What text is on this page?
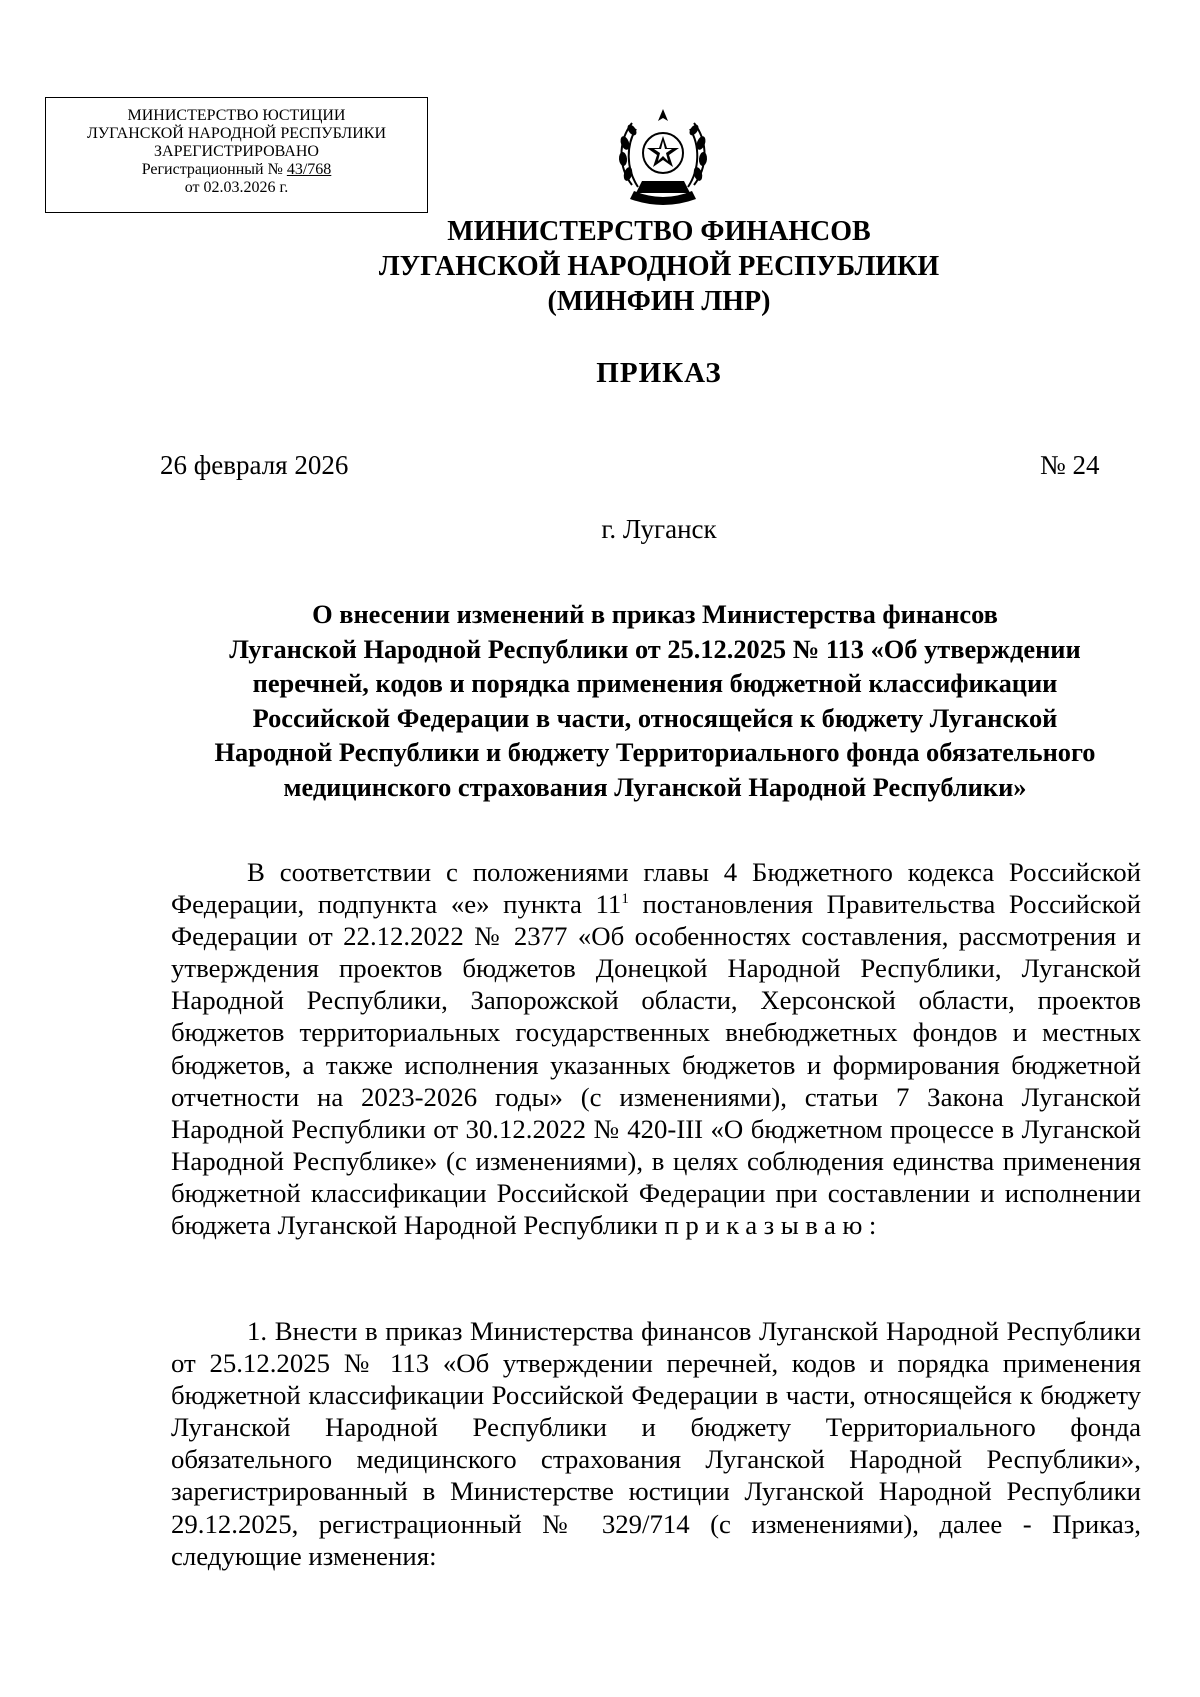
МИНИСТЕРСТВО ЮСТИЦИИ
ЛУГАНСКОЙ НАРОДНОЙ РЕСПУБЛИКИ
ЗАРЕГИСТРИРОВАНО
Регистрационный № 43/768
от 02.03.2026 г.
МИНИСТЕРСТВО ФИНАНСОВ
ЛУГАНСКОЙ НАРОДНОЙ РЕСПУБЛИКИ
(МИНФИН ЛНР)
ПРИКАЗ
26 февраля 2026	№ 24
г. Луганск
О внесении изменений в приказ Министерства финансов
Луганской Народной Республики от 25.12.2025 № 113 «Об утверждении
перечней, кодов и порядка применения бюджетной классификации
Российской Федерации в части, относящейся к бюджету Луганской
Народной Республики и бюджету Территориального фонда обязательного
медицинского страхования Луганской Народной Республики»
В соответствии с положениями главы 4 Бюджетного кодекса Российской Федерации, подпункта «е» пункта $11^1$ постановления Правительства Российской Федерации от 22.12.2022 № 2377 «Об особенностях составления, рассмотрения и утверждения проектов бюджетов Донецкой Народной Республики, Луганской Народной Республики, Запорожской области, Херсонской области, проектов бюджетов территориальных государственных внебюджетных фондов и местных бюджетов, а также исполнения указанных бюджетов и формирования бюджетной отчетности на 2023-2026 годы» (с изменениями), статьи 7 Закона Луганской Народной Республики от 30.12.2022 № 420-III «О бюджетном процессе в Луганской Народной Республике» (с изменениями), в целях соблюдения единства применения бюджетной классификации Российской Федерации при составлении и исполнении бюджета Луганской Народной Республики приказываю:
1. Внести в приказ Министерства финансов Луганской Народной Республики от 25.12.2025 № 113 «Об утверждении перечней, кодов и порядка применения бюджетной классификации Российской Федерации в части, относящейся к бюджету Луганской Народной Республики и бюджету Территориального фонда обязательного медицинского страхования Луганской Народной Республики», зарегистрированный в Министерстве юстиции Луганской Народной Республики 29.12.2025, регистрационный № 329/714 (с изменениями), далее - Приказ, следующие изменения:
